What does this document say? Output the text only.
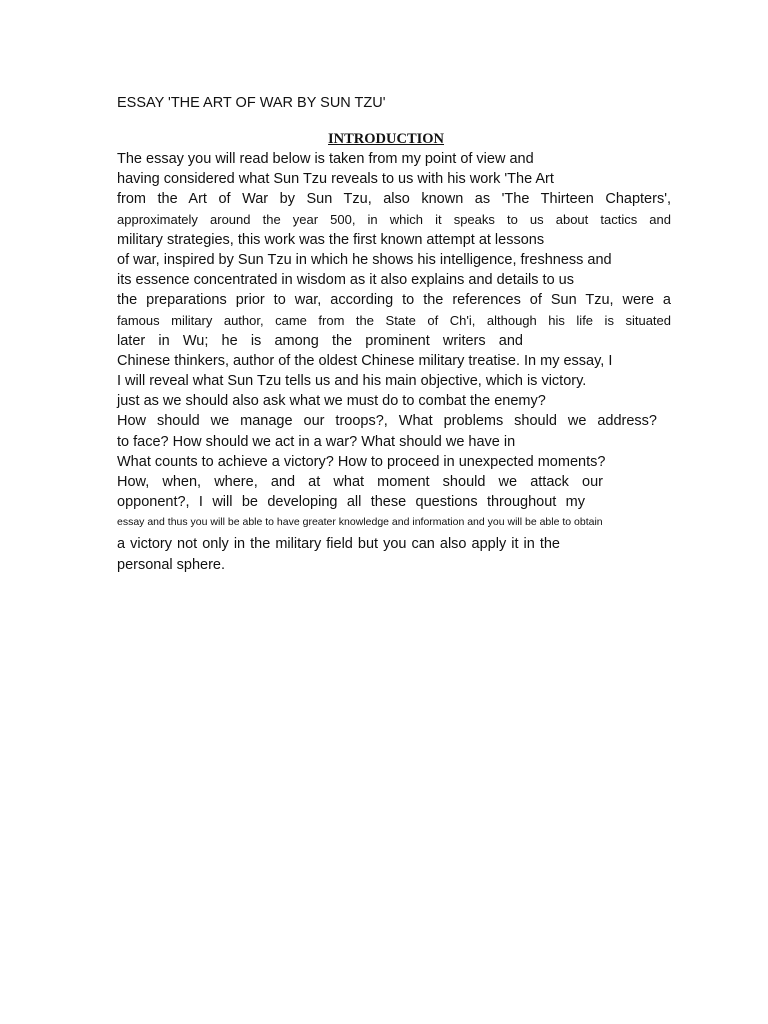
ESSAY 'THE ART OF WAR BY SUN TZU'
INTRODUCTION
The essay you will read below is taken from my point of view and
having considered what Sun Tzu reveals to us with his work 'The Art
from the Art of War by Sun Tzu, also known as 'The Thirteen Chapters',
approximately around the year 500, in which it speaks to us about tactics and
military strategies, this work was the first known attempt at lessons
of war, inspired by Sun Tzu in which he shows his intelligence, freshness and
its essence concentrated in wisdom as it also explains and details to us
the preparations prior to war, according to the references of Sun Tzu, were a
famous military author, came from the State of Ch'i, although his life is situated
later in Wu; he is among the prominent writers and
Chinese thinkers, author of the oldest Chinese military treatise. In my essay, I
I will reveal what Sun Tzu tells us and his main objective, which is victory.
just as we should also ask what we must do to combat the enemy?
How should we manage our troops?, What problems should we address?
to face? How should we act in a war? What should we have in
What counts to achieve a victory? How to proceed in unexpected moments?
How, when, where, and at what moment should we attack our
opponent?, I will be developing all these questions throughout my
essay and thus you will be able to have greater knowledge and information and you will be able to obtain
a victory not only in the military field but you can also apply it in the
personal sphere.
